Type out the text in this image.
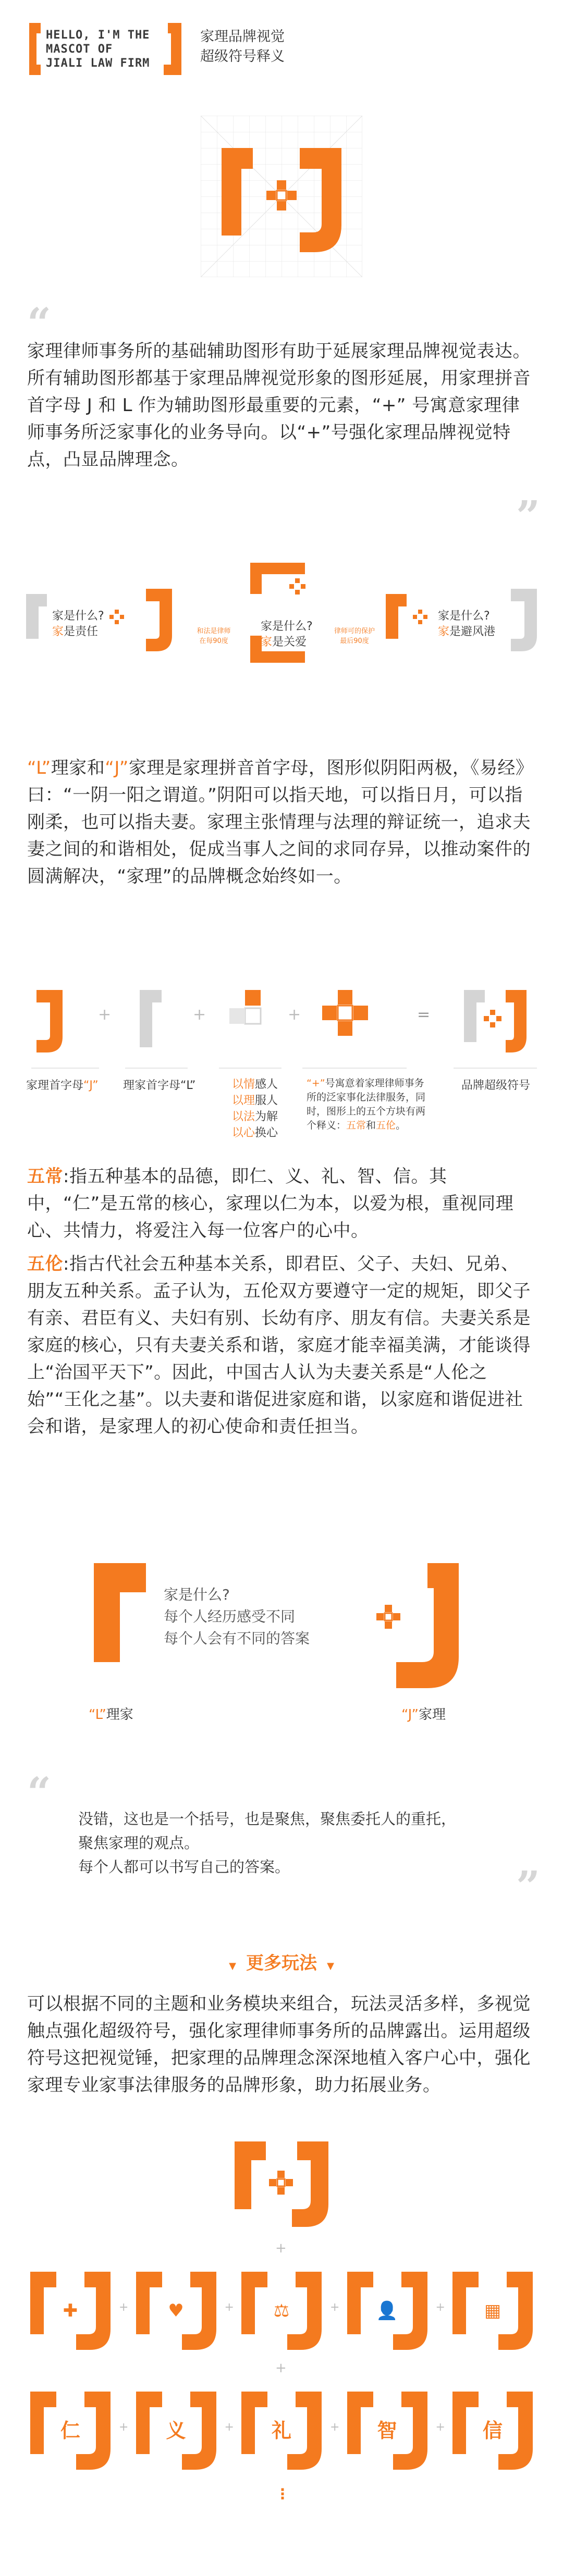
HELLO, I'M THE
MASCOT OF
JIALI LAW FIRM
家理品牌视觉
超级符号释义
“
家理律师事务所的基础辅助图形有助于延展家理品牌视觉表达。所有辅助图形都基于家理品牌视觉形象的图形延展，用家理拼音首字母 J 和 L 作为辅助图形最重要的元素，“+” 号寓意家理律师事务所泛家事化的业务导向。以“+”号强化家理品牌视觉特点，凸显品牌理念。
”
家是什么?
家是责任	家是什么?
家是关爱
家是什么?
家是避风港
和法是律师
在每90度
律师可的保护
最后90度
“L”理家和“J”家理是家理拼音首字母，图形似阴阳两极，《易经》曰：“一阴一阳之谓道。”阴阳可以指天地，可以指日月，可以指刚柔，也可以指夫妻。家理主张情理与法理的辩证统一，追求夫妻之间的和谐相处，促成当事人之间的求同存异，以推动案件的圆满解决，“家理”的品牌概念始终如一。
+	+	+	=
家理首字母“J” 理家首字母“L”	以情感人
以理服人
以法为解
以心换心
“+”号寓意着家理律师事务所的泛家事化法律服务，同时，图形上的五个方块有两个释义：五常和五伦。
品牌超级符号
五常:指五种基本的品德，即仁、义、礼、智、信。其中，“仁”是五常的核心，家理以仁为本，以爱为根，重视同理心、共情力，将爱注入每一位客户的心中。
五伦:指古代社会五种基本关系，即君臣、父子、夫妇、兄弟、朋友五种关系。孟子认为，五伦双方要遵守一定的规矩，即父子有亲、君臣有义、夫妇有别、长幼有序、朋友有信。夫妻关系是家庭的核心，只有夫妻关系和谐，家庭才能幸福美满，才能谈得上“治国平天下”。因此，中国古人认为夫妻关系是“人伦之始”“王化之基”。以夫妻和谐促进家庭和谐，以家庭和谐促进社会和谐，是家理人的初心使命和责任担当。
家是什么?
每个人经历感受不同
每个人会有不同的答案
“L”理家	“J”家理
“
没错，这也是一个括号，也是聚焦，聚焦委托人的重托，
聚焦家理的观点。
每个人都可以书写自己的答案。	”
▼ 更多玩法 ▼
可以根据不同的主题和业务模块来组合，玩法灵活多样，多视觉触点强化超级符号，强化家理律师事务所的品牌露出。运用超级符号这把视觉锤，把家理的品牌理念深深地植入客户心中，强化家理专业家事法律服务的品牌形象，助力拓展业务。
+
✚	+	♥	+	⚖	+ 👤	+	▦
+
仁	+ 义	+ 礼	+ 智	+ 信
⋮
